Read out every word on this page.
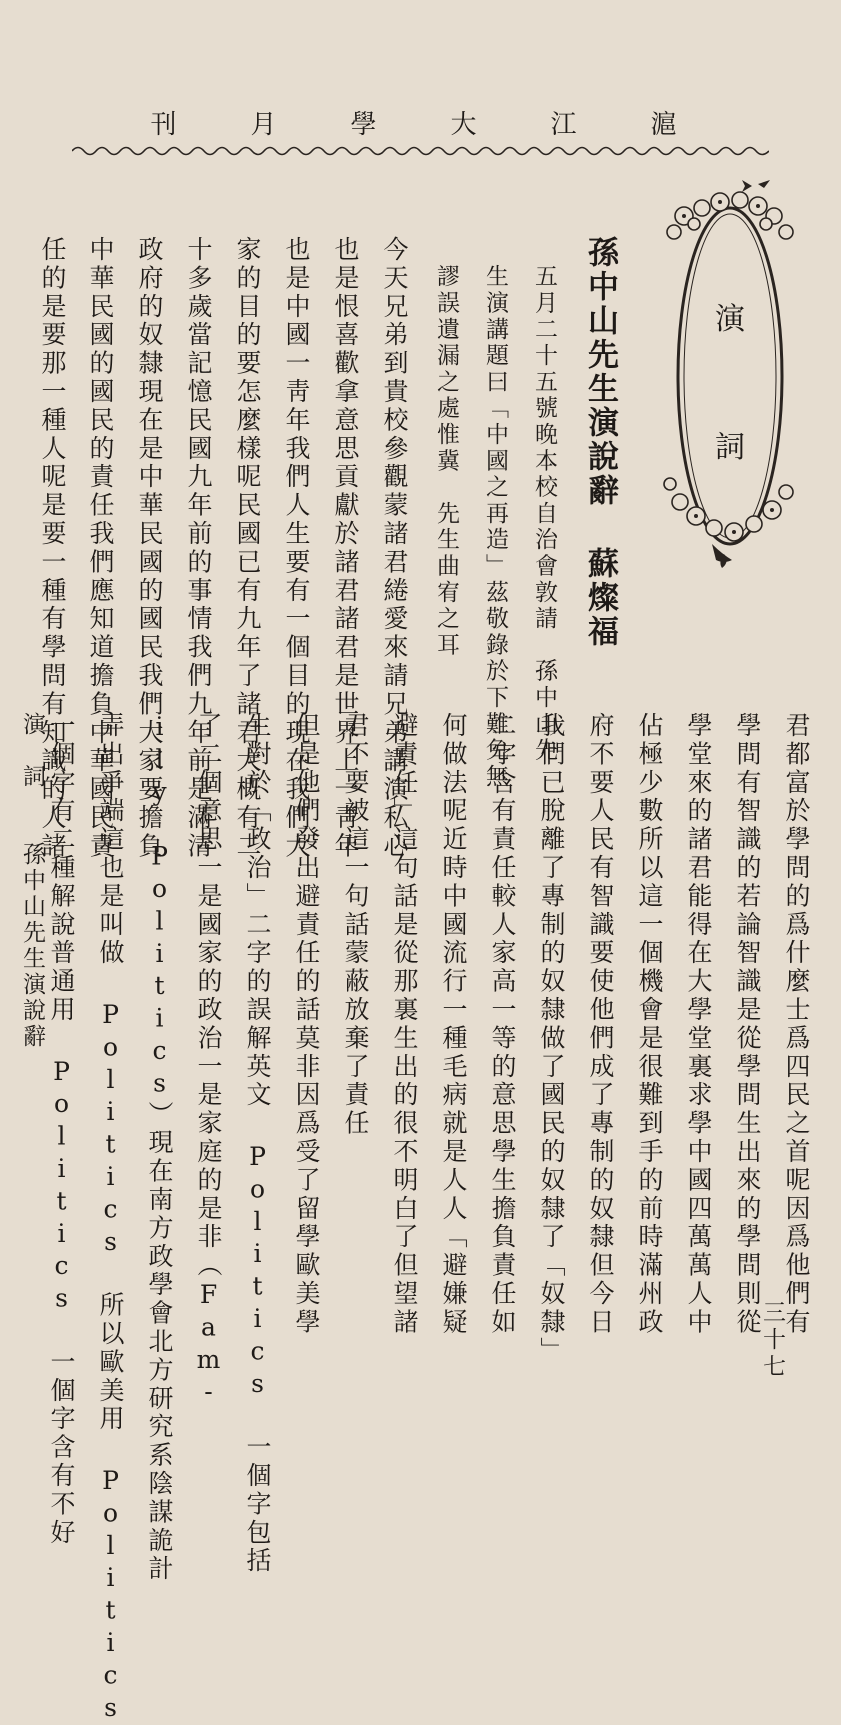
滬江大學月刊
演
詞
孫中山先生演說辭
蘇燦福
五月二十五號晚本校自治會敦請　孫中山先
生演講題曰「中國之再造」茲敬錄於下難免無
謬誤遺漏之處惟冀　先生曲宥之耳
今天兄弟到貴校參觀蒙諸君綣愛來請兄弟講演私心
也是恨喜歡拿意思貢獻於諸君諸君是世界上一靑年
也是中國一靑年我們人生要有一個目的現在我們大
家的目的要怎麼樣呢民國已有九年了諸君大概有二
十多歲當記憶民國九年前的事情我們九年前是滿清
政府的奴隸現在是中華民國的國民我們大家要擔負
中華民國的國民的責任我們應知道擔負中華國民責
任的是要那一種人呢是要一種有學問有知識的人諸
君都富於學問的爲什麼士爲四民之首呢因爲他們有
學問有智識的若論智識是從學問生出來的學問則從
學堂來的諸君能得在大學堂裏求學中國四萬萬人中
佔極少數所以這一個機會是很難到手的前時滿州政
府不要人民有智識要使他們成了專制的奴隸但今日
我們已脫離了專制的奴隸做了國民的奴隸了「奴隸」
二字含有責任較人家高一等的意思學生擔負責任如
何做法呢近時中國流行一種毛病就是人人「避嫌疑
避責任」這句話是從那裏生出的很不明白了但望諸
君不要被這一句話蒙蔽放棄了責任
但是他們發出避責任的話莫非因爲受了留學歐美學
生對於「政治」二字的誤解英文 Politics 一個字包括
了二個意思一是國家的政治一是家庭的是非（Fam-
ily Politics）現在南方政學會北方研究系陰謀詭計
弄出爭端這也是叫做 Politics 所以歐美用 Politics
一個字有二種解說普通用 Politics 一個字含有不好
演　詞　　孫中山先生演說辭
三十七
